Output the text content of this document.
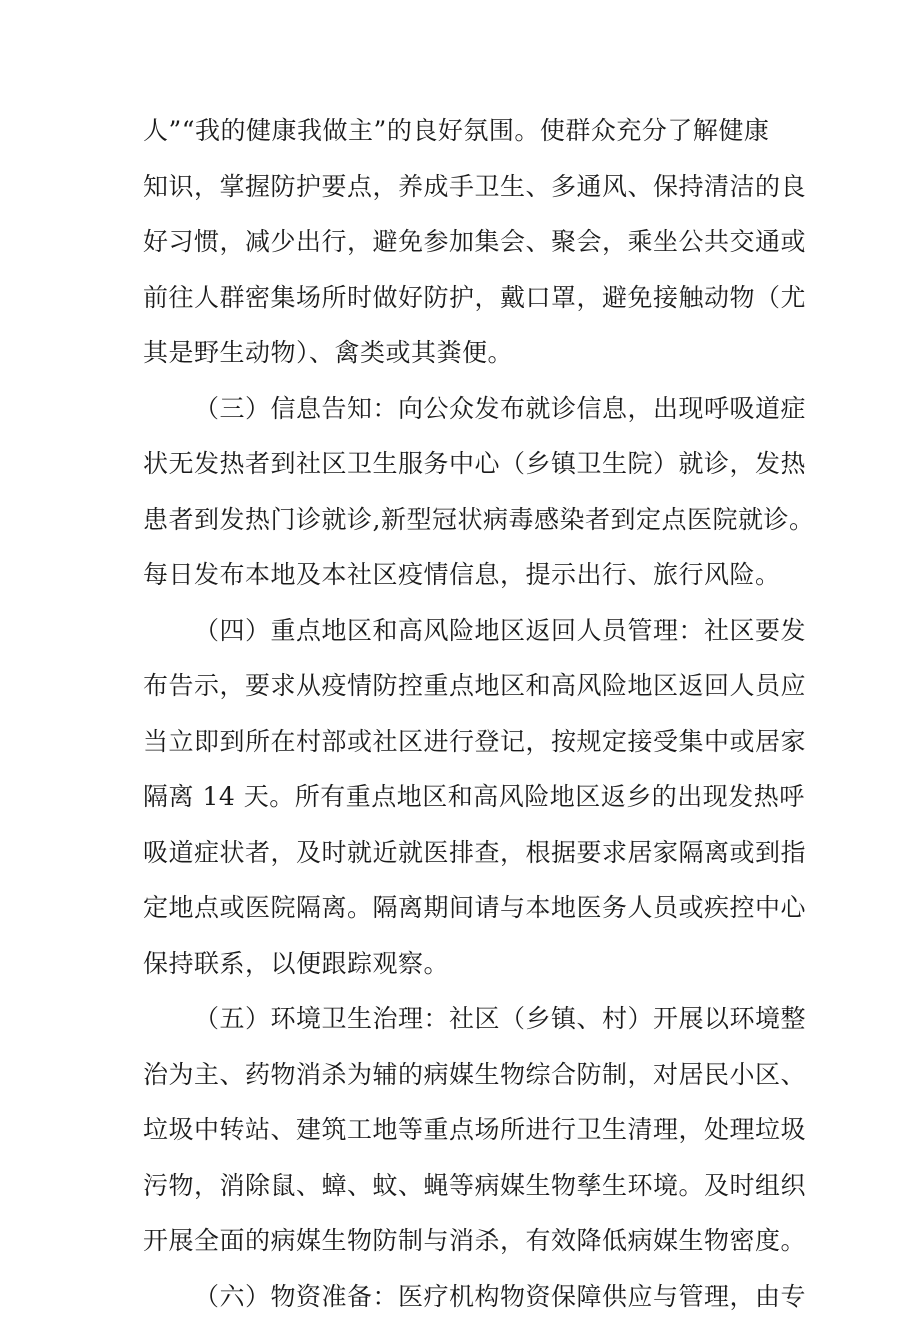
人”“我的健康我做主”的良好氛围。使群众充分了解健康
知识，掌握防护要点，养成手卫生、多通风、保持清洁的良
好习惯，减少出行，避免参加集会、聚会，乘坐公共交通或
前往人群密集场所时做好防护，戴口罩，避免接触动物（尤
其是野生动物）、禽类或其粪便。
（三）信息告知：向公众发布就诊信息，出现呼吸道症
状无发热者到社区卫生服务中心（乡镇卫生院）就诊，发热
患者到发热门诊就诊,新型冠状病毒感染者到定点医院就诊。
每日发布本地及本社区疫情信息，提示出行、旅行风险。
（四）重点地区和高风险地区返回人员管理：社区要发
布告示，要求从疫情防控重点地区和高风险地区返回人员应
当立即到所在村部或社区进行登记，按规定接受集中或居家
隔离 14 天。所有重点地区和高风险地区返乡的出现发热呼
吸道症状者，及时就近就医排查，根据要求居家隔离或到指
定地点或医院隔离。隔离期间请与本地医务人员或疾控中心
保持联系，以便跟踪观察。
（五）环境卫生治理：社区（乡镇、村）开展以环境整
治为主、药物消杀为辅的病媒生物综合防制，对居民小区、
垃圾中转站、建筑工地等重点场所进行卫生清理，处理垃圾
污物，消除鼠、蟑、蚊、蝇等病媒生物孳生环境。及时组织
开展全面的病媒生物防制与消杀，有效降低病媒生物密度。
（六）物资准备：医疗机构物资保障供应与管理，由专
